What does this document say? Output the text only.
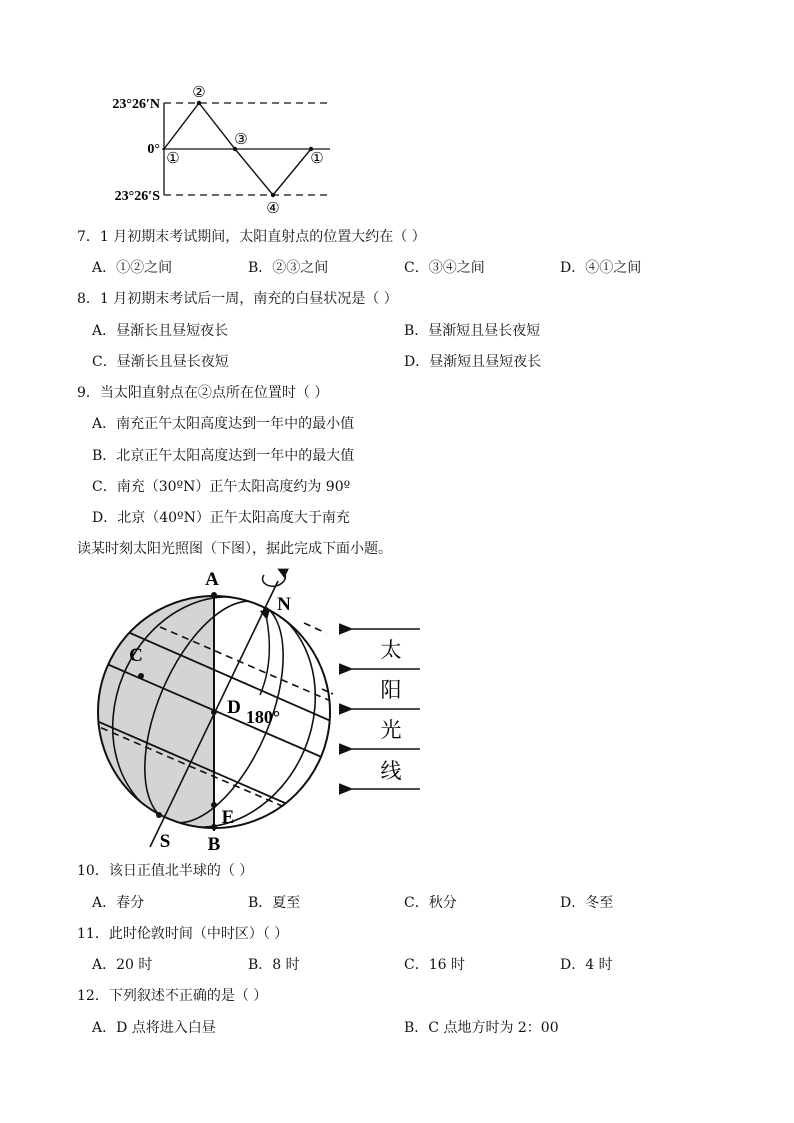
23°26′N
0°
23°26′S
①
②
③
④
①
7．1 月初期末考试期间，太阳直射点的位置大约在（ ）
A．①②之间	B．②③之间	C．③④之间	D．④①之间
8．1 月初期末考试后一周，南充的白昼状况是（ ）
A．昼渐长且昼短夜长	B．昼渐短且昼长夜短
C．昼渐长且昼长夜短	D．昼渐短且昼短夜长
9．当太阳直射点在②点所在位置时（ ）
A．南充正午太阳高度达到一年中的最小值
B．北京正午太阳高度达到一年中的最大值
C．南充（30ºN）正午太阳高度约为 90º
D．北京（40ºN）正午太阳高度大于南充
读某时刻太阳光照图（下图），据此完成下面小题。
A
N
C
D 180°
E
S B
太
阳
光
线
10．该日正值北半球的（ ）
A．春分	B．夏至	C．秋分	D．冬至
11．此时伦敦时间（中时区）（ ）
A．20 时	B．8 时	C．16 时	D．4 时
12．下列叙述不正确的是（ ）
A．D 点将进入白昼	B．C 点地方时为 2：00
